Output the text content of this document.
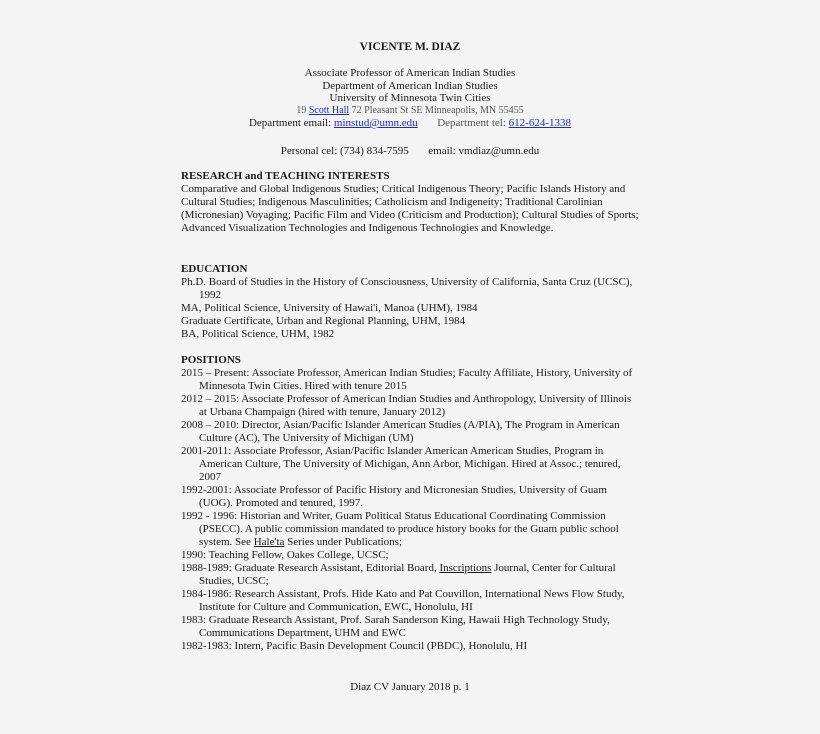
VICENTE M. DIAZ
Associate Professor of American Indian Studies
Department of American Indian Studies
University of Minnesota Twin Cities
19 Scott Hall 72 Pleasant St SE Minneapolis, MN 55455
Department email: minstud@umn.edu Department tel: 612-624-1338
Personal cel: (734) 834-7595 email: vmdiaz@umn.edu
RESEARCH and TEACHING INTERESTS

Comparative and Global Indigenous Studies; Critical Indigenous Theory; Pacific Islands History and Cultural Studies; Indigenous Masculinities; Catholicism and Indigeneity; Traditional Carolinian (Micronesian) Voyaging; Pacific Film and Video (Criticism and Production); Cultural Studies of Sports; Advanced Visualization Technologies and Indigenous Technologies and Knowledge.

EDUCATION

Ph.D. Board of Studies in the History of Consciousness, University of California, Santa Cruz (UCSC), 1992

MA, Political Science, University of Hawai'i, Manoa (UHM), 1984

Graduate Certificate, Urban and Regional Planning, UHM, 1984

BA, Political Science, UHM, 1982

POSITIONS

2015 – Present: Associate Professor, American Indian Studies; Faculty Affiliate, History, University of Minnesota Twin Cities. Hired with tenure 2015

2012 – 2015: Associate Professor of American Indian Studies and Anthropology, University of Illinois at Urbana Champaign (hired with tenure, January 2012)

2008 – 2010: Director, Asian/Pacific Islander American Studies (A/PIA), The Program in American Culture (AC), The University of Michigan (UM)

2001-2011: Associate Professor, Asian/Pacific Islander American American Studies, Program in American Culture, The University of Michigan, Ann Arbor, Michigan. Hired at Assoc.; tenured, 2007

1992-2001: Associate Professor of Pacific History and Micronesian Studies, University of Guam (UOG). Promoted and tenured, 1997.

1992 - 1996: Historian and Writer, Guam Political Status Educational Coordinating Commission (PSECC). A public commission mandated to produce history books for the Guam public school system. See Hale'ta Series under Publications;

1990: Teaching Fellow, Oakes College, UCSC;

1988-1989: Graduate Research Assistant, Editorial Board, Inscriptions Journal, Center for Cultural Studies, UCSC;

1984-1986: Research Assistant, Profs. Hide Kato and Pat Couvillon, International News Flow Study, Institute for Culture and Communication, EWC, Honolulu, HI

1983: Graduate Research Assistant, Prof. Sarah Sanderson King, Hawaii High Technology Study, Communications Department, UHM and EWC

1982-1983: Intern, Pacific Basin Development Council (PBDC), Honolulu, HI

Diaz CV January 2018 p. 1
